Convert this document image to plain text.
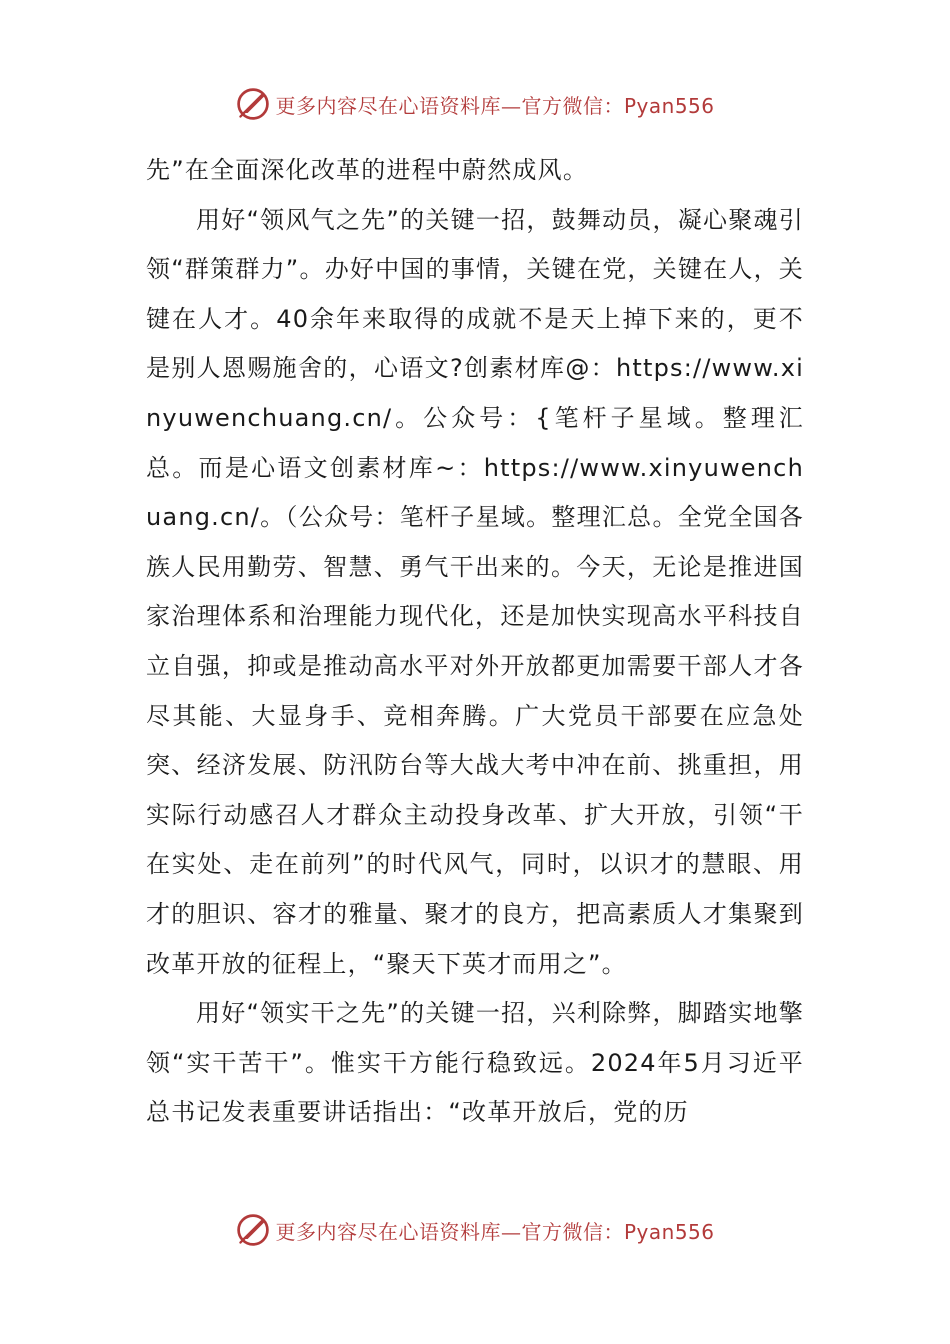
更多内容尽在心语资料库—官方微信：Pyan556

先”在全面深化改革的进程中蔚然成风。

用好“领风气之先”的关键一招，鼓舞动员，凝心聚魂引领“群策群力”。办好中国的事情，关键在党，关键在人，关键在人才。40余年来取得的成就不是天上掉下来的，更不是别人恩赐施舍的，心语文?创素材库@：https://www.xinyuwenchuang.cn/。公众号：{笔杆子星域。整理汇总。而是心语文创素材库~：https://www.xinyuwenchuang.cn/。（公众号：笔杆子星域。整理汇总。全党全国各族人民用勤劳、智慧、勇气干出来的。今天，无论是推进国家治理体系和治理能力现代化，还是加快实现高水平科技自立自强，抑或是推动高水平对外开放都更加需要干部人才各尽其能、大显身手、竞相奔腾。广大党员干部要在应急处突、经济发展、防汛防台等大战大考中冲在前、挑重担，用实际行动感召人才群众主动投身改革、扩大开放，引领“干在实处、走在前列”的时代风气，同时，以识才的慧眼、用才的胆识、容才的雅量、聚才的良方，把高素质人才集聚到改革开放的征程上，“聚天下英才而用之”。

用好“领实干之先”的关键一招，兴利除弊，脚踏实地擎领“实干苦干”。惟实干方能行稳致远。2024年5月习近平总书记发表重要讲话指出：“改革开放后，党的历

更多内容尽在心语资料库—官方微信：Pyan556
